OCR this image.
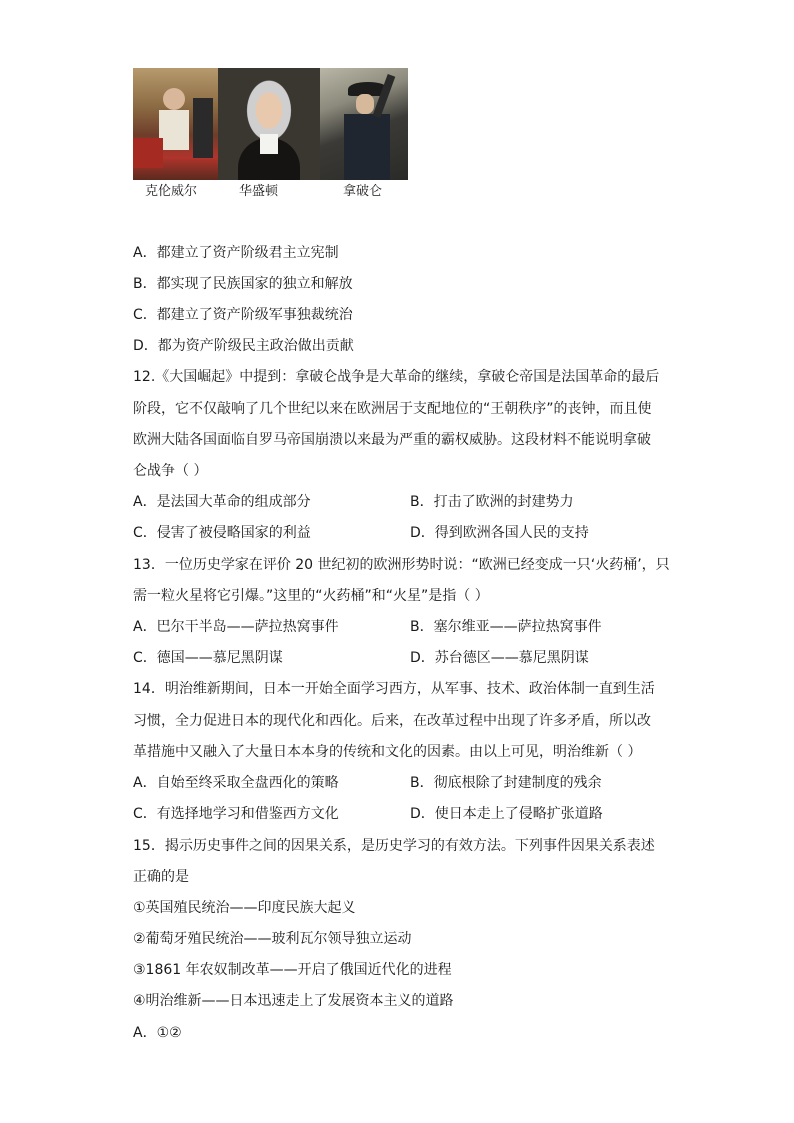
克伦威尔	华盛顿	拿破仑
A．都建立了资产阶级君主立宪制
B．都实现了民族国家的独立和解放
C．都建立了资产阶级军事独裁统治
D．都为资产阶级民主政治做出贡献
12.《大国崛起》中提到：拿破仑战争是大革命的继续，拿破仑帝国是法国革命的最后
阶段，它不仅敲响了几个世纪以来在欧洲居于支配地位的“王朝秩序”的丧钟，而且使
欧洲大陆各国面临自罗马帝国崩溃以来最为严重的霸权威胁。这段材料不能说明拿破
仑战争（ ）
A．是法国大革命的组成部分	B．打击了欧洲的封建势力
C．侵害了被侵略国家的利益	D．得到欧洲各国人民的支持
13．一位历史学家在评价 20 世纪初的欧洲形势时说：“欧洲已经变成一只‘火药桶’，只
需一粒火星将它引爆。”这里的“火药桶”和“火星”是指（ ）
A．巴尔干半岛——萨拉热窝事件	B．塞尔维亚——萨拉热窝事件
C．德国——慕尼黑阴谋	D．苏台德区——慕尼黑阴谋
14．明治维新期间，日本一开始全面学习西方，从军事、技术、政治体制一直到生活
习惯，全力促进日本的现代化和西化。后来，在改革过程中出现了许多矛盾，所以改
革措施中又融入了大量日本本身的传统和文化的因素。由以上可见，明治维新（ ）
A．自始至终采取全盘西化的策略	B．彻底根除了封建制度的残余
C．有选择地学习和借鉴西方文化	D．使日本走上了侵略扩张道路
15．揭示历史事件之间的因果关系，是历史学习的有效方法。下列事件因果关系表述
正确的是
①英国殖民统治——印度民族大起义
②葡萄牙殖民统治——玻利瓦尔领导独立运动
③1861 年农奴制改革——开启了俄国近代化的进程
④明治维新——日本迅速走上了发展资本主义的道路
A．①②
